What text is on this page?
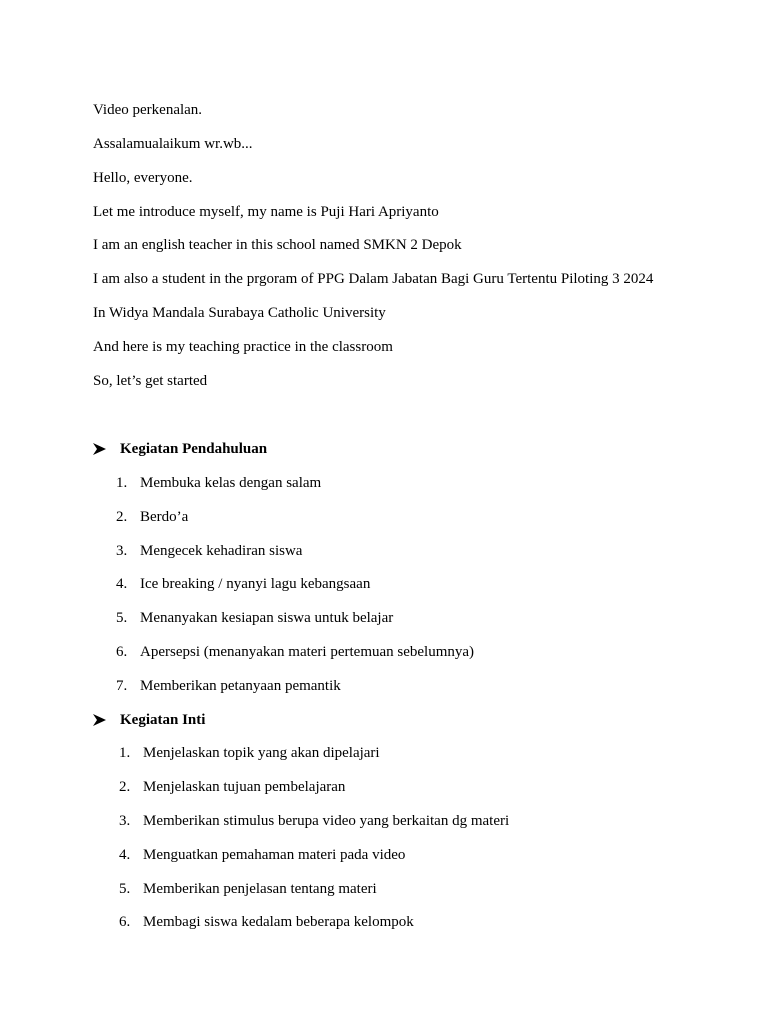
Video perkenalan.
Assalamualaikum wr.wb...
Hello, everyone.
Let me introduce myself, my name is Puji Hari Apriyanto
I am an english teacher in this school named SMKN 2 Depok
I am also a student in the prgoram of PPG Dalam Jabatan Bagi Guru Tertentu Piloting 3 2024
In Widya Mandala Surabaya Catholic University
And here is my teaching practice in the classroom
So, let’s get started
Kegiatan Pendahuluan
1. Membuka kelas dengan salam
2. Berdo’a
3. Mengecek kehadiran siswa
4. Ice breaking / nyanyi lagu kebangsaan
5. Menanyakan kesiapan siswa untuk belajar
6. Apersepsi (menanyakan materi pertemuan sebelumnya)
7. Memberikan petanyaan pemantik
Kegiatan Inti
1. Menjelaskan topik yang akan dipelajari
2. Menjelaskan tujuan pembelajaran
3. Memberikan stimulus berupa video yang berkaitan dg materi
4. Menguatkan pemahaman materi pada video
5. Memberikan penjelasan tentang materi
6. Membagi siswa kedalam beberapa kelompok
